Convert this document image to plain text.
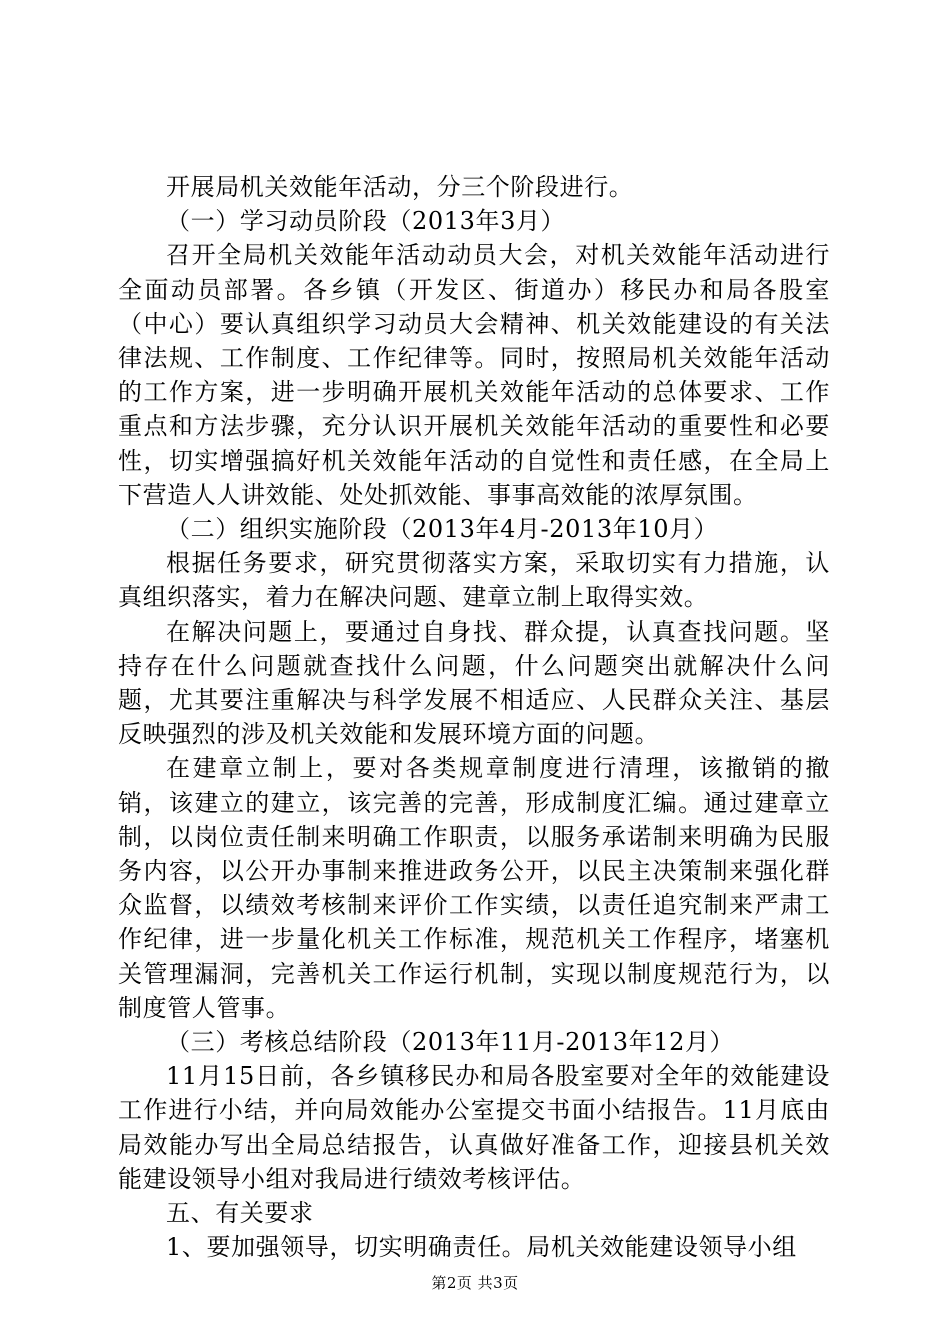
开展局机关效能年活动，分三个阶段进行。

（一）学习动员阶段（2013年3月）

召开全局机关效能年活动动员大会，对机关效能年活动进行全面动员部署。各乡镇（开发区、街道办）移民办和局各股室（中心）要认真组织学习动员大会精神、机关效能建设的有关法律法规、工作制度、工作纪律等。同时，按照局机关效能年活动的工作方案，进一步明确开展机关效能年活动的总体要求、工作重点和方法步骤，充分认识开展机关效能年活动的重要性和必要性，切实增强搞好机关效能年活动的自觉性和责任感，在全局上下营造人人讲效能、处处抓效能、事事高效能的浓厚氛围。

（二）组织实施阶段（2013年4月-2013年10月）

根据任务要求，研究贯彻落实方案，采取切实有力措施，认真组织落实，着力在解决问题、建章立制上取得实效。

在解决问题上，要通过自身找、群众提，认真查找问题。坚持存在什么问题就查找什么问题，什么问题突出就解决什么问题，尤其要注重解决与科学发展不相适应、人民群众关注、基层反映强烈的涉及机关效能和发展环境方面的问题。

在建章立制上，要对各类规章制度进行清理，该撤销的撤销，该建立的建立，该完善的完善，形成制度汇编。通过建章立制，以岗位责任制来明确工作职责，以服务承诺制来明确为民服务内容，以公开办事制来推进政务公开，以民主决策制来强化群众监督，以绩效考核制来评价工作实绩，以责任追究制来严肃工作纪律，进一步量化机关工作标准，规范机关工作程序，堵塞机关管理漏洞，完善机关工作运行机制，实现以制度规范行为，以制度管人管事。

（三）考核总结阶段（2013年11月-2013年12月）

11月15日前，各乡镇移民办和局各股室要对全年的效能建设工作进行小结，并向局效能办公室提交书面小结报告。11月底由局效能办写出全局总结报告，认真做好准备工作，迎接县机关效能建设领导小组对我局进行绩效考核评估。

五、有关要求

1、要加强领导，切实明确责任。局机关效能建设领导小组

第2页 共3页
